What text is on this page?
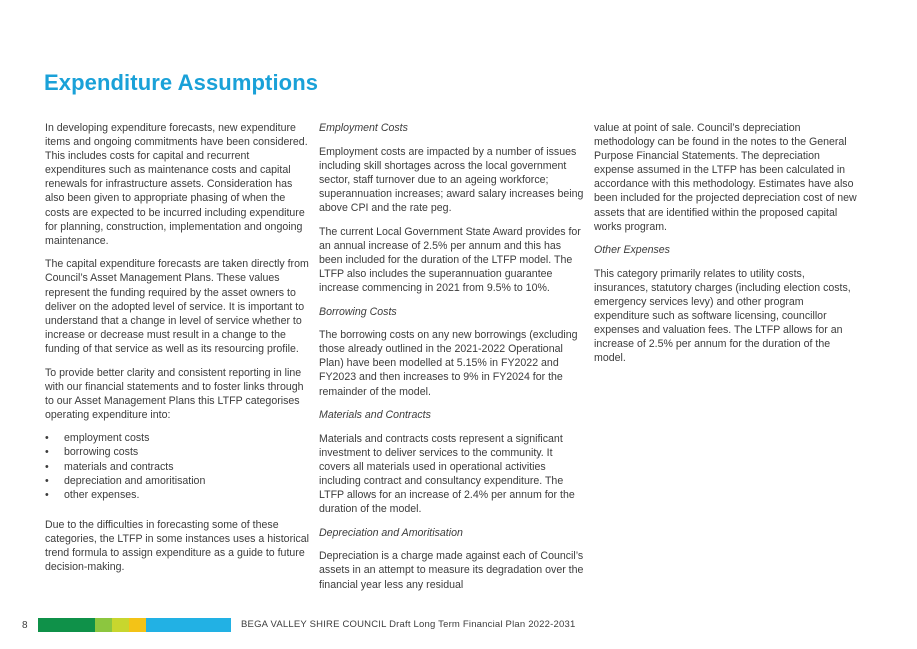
Expenditure Assumptions

In developing expenditure forecasts, new expenditure items and ongoing commitments have been considered. This includes costs for capital and recurrent expenditures such as maintenance costs and capital renewals for infrastructure assets. Consideration has also been given to appropriate phasing of when the costs are expected to be incurred including expenditure for planning, construction, implementation and ongoing maintenance.

The capital expenditure forecasts are taken directly from Council’s Asset Management Plans. These values represent the funding required by the asset owners to deliver on the adopted level of service. It is important to understand that a change in level of service whether to increase or decrease must result in a change to the funding of that service as well as its resourcing profile.

To provide better clarity and consistent reporting in line with our financial statements and to foster links through to our Asset Management Plans this LTFP categorises operating expenditure into:

• employment costs
• borrowing costs
• materials and contracts
• depreciation and amoritisation
• other expenses.

Due to the difficulties in forecasting some of these categories, the LTFP in some instances uses a historical trend formula to assign expenditure as a guide to future decision-making.

Employment Costs

Employment costs are impacted by a number of issues including skill shortages across the local government sector, staff turnover due to an ageing workforce; superannuation increases; award salary increases being above CPI and the rate peg.

The current Local Government State Award provides for an annual increase of 2.5% per annum and this has been included for the duration of the LTFP model. The LTFP also includes the superannuation guarantee increase commencing in 2021 from 9.5% to 10%.

Borrowing Costs

The borrowing costs on any new borrowings (excluding those already outlined in the 2021-2022 Operational Plan) have been modelled at 5.15% in FY2022 and FY2023 and then increases to 9% in FY2024 for the remainder of the model.

Materials and Contracts

Materials and contracts costs represent a significant investment to deliver services to the community. It covers all materials used in operational activities including contract and consultancy expenditure. The LTFP allows for an increase of 2.4% per annum for the duration of the model.

Depreciation and Amoritisation

Depreciation is a charge made against each of Council’s assets in an attempt to measure its degradation over the financial year less any residual

value at point of sale. Council’s depreciation methodology can be found in the notes to the General Purpose Financial Statements. The depreciation expense assumed in the LTFP has been calculated in accordance with this methodology. Estimates have also been included for the projected depreciation cost of new assets that are identified within the proposed capital works program.

Other Expenses

This category primarily relates to utility costs, insurances, statutory charges (including election costs, emergency services levy) and other program expenditure such as software licensing, councillor expenses and valuation fees. The LTFP allows for an increase of 2.5% per annum for the duration of the model.

8	BEGA VALLEY SHIRE COUNCIL Draft Long Term Financial Plan 2022-2031
